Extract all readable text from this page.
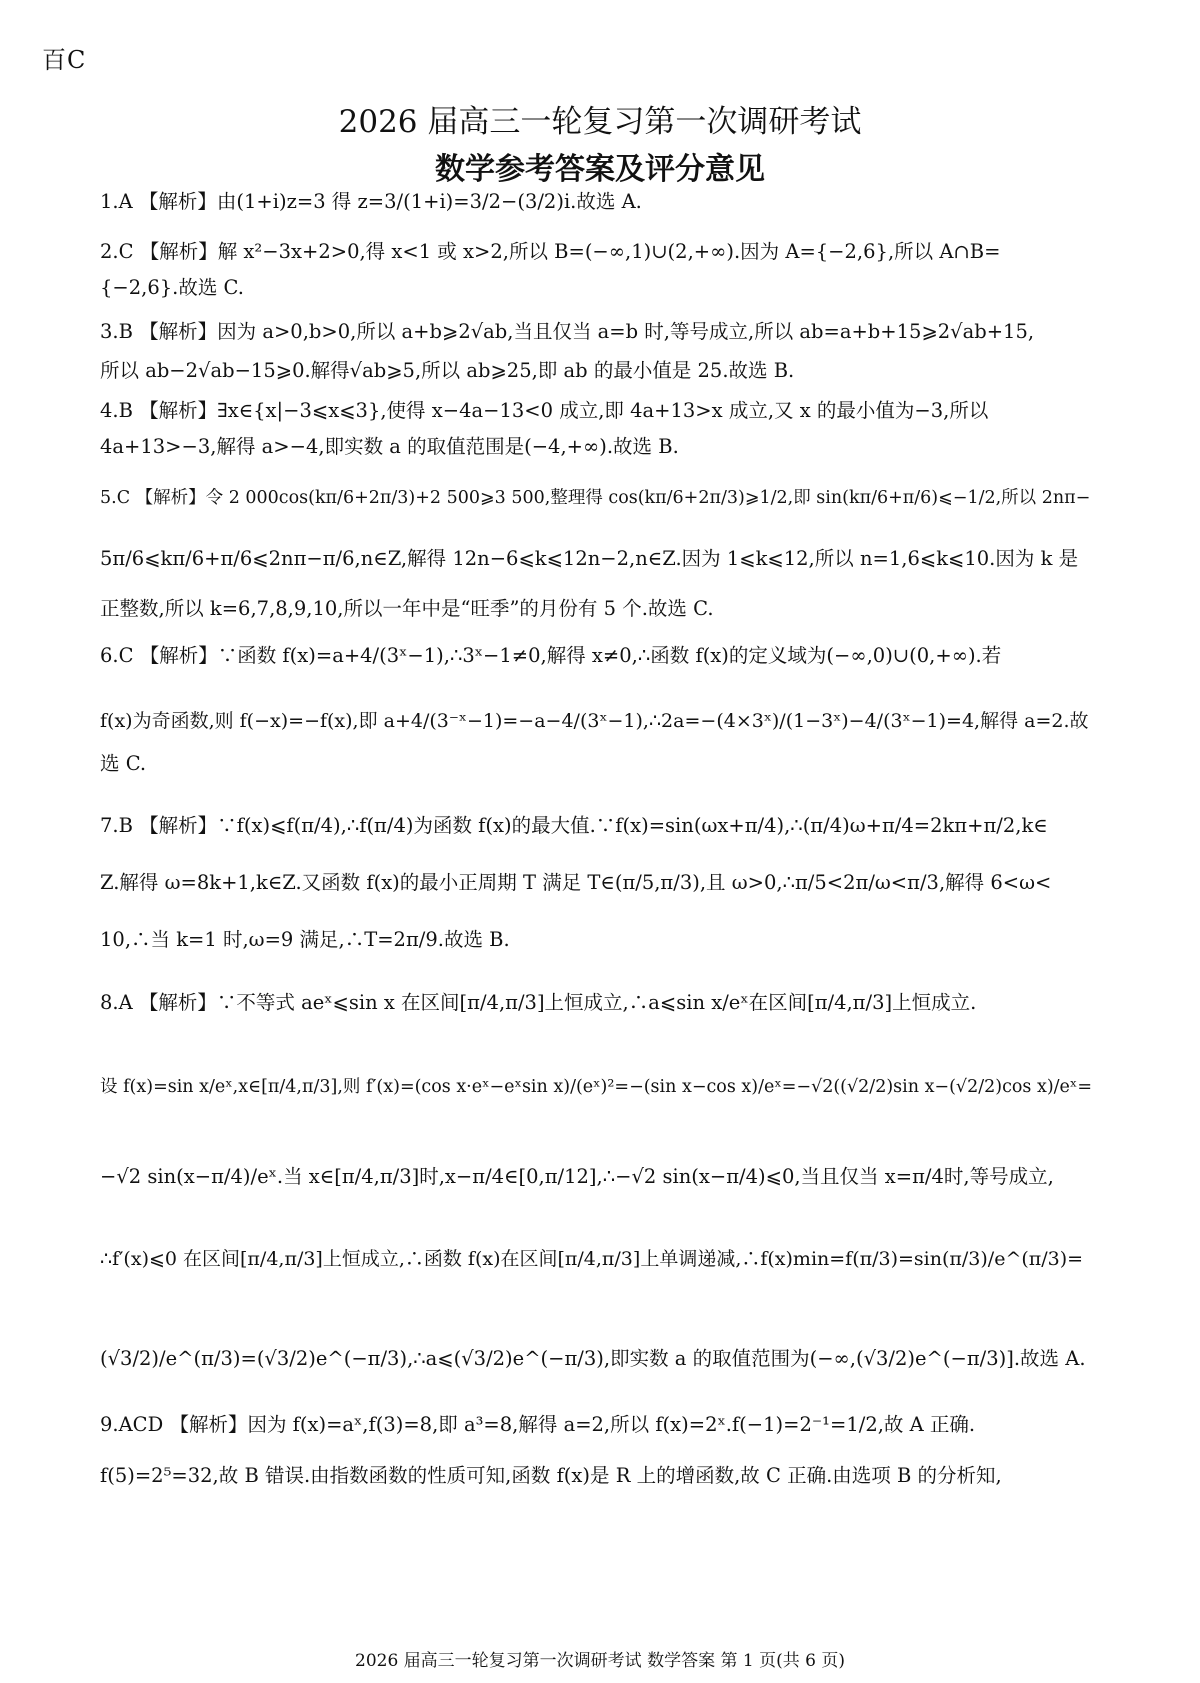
百C
2026 届高三一轮复习第一次调研考试
数学参考答案及评分意见
1.A 【解析】由(1+i)z=3 得 z=3/(1+i)=3/2−(3/2)i.故选 A.
2.C 【解析】解 x²−3x+2>0,得 x<1 或 x>2,所以 B=(−∞,1)∪(2,+∞).因为 A={−2,6},所以 A∩B=
{−2,6}.故选 C.
3.B 【解析】因为 a>0,b>0,所以 a+b⩾2√ab,当且仅当 a=b 时,等号成立,所以 ab=a+b+15⩾2√ab+15,
所以 ab−2√ab−15⩾0.解得√ab⩾5,所以 ab⩾25,即 ab 的最小值是 25.故选 B.
4.B 【解析】∃x∈{x|−3⩽x⩽3},使得 x−4a−13<0 成立,即 4a+13>x 成立,又 x 的最小值为−3,所以
4a+13>−3,解得 a>−4,即实数 a 的取值范围是(−4,+∞).故选 B.
5.C 【解析】令 2 000cos(kπ/6+2π/3)+2 500⩾3 500,整理得 cos(kπ/6+2π/3)⩾1/2,即 sin(kπ/6+π/6)⩽−1/2,所以 2nπ−
5π/6⩽kπ/6+π/6⩽2nπ−π/6,n∈Z,解得 12n−6⩽k⩽12n−2,n∈Z.因为 1⩽k⩽12,所以 n=1,6⩽k⩽10.因为 k 是
正整数,所以 k=6,7,8,9,10,所以一年中是“旺季”的月份有 5 个.故选 C.
6.C 【解析】∵函数 f(x)=a+4/(3ˣ−1),∴3ˣ−1≠0,解得 x≠0,∴函数 f(x)的定义域为(−∞,0)∪(0,+∞).若
f(x)为奇函数,则 f(−x)=−f(x),即 a+4/(3⁻ˣ−1)=−a−4/(3ˣ−1),∴2a=−(4×3ˣ)/(1−3ˣ)−4/(3ˣ−1)=4,解得 a=2.故
选 C.
7.B 【解析】∵f(x)⩽f(π/4),∴f(π/4)为函数 f(x)的最大值.∵f(x)=sin(ωx+π/4),∴(π/4)ω+π/4=2kπ+π/2,k∈
Z.解得 ω=8k+1,k∈Z.又函数 f(x)的最小正周期 T 满足 T∈(π/5,π/3),且 ω>0,∴π/5<2π/ω<π/3,解得 6<ω<
10,∴当 k=1 时,ω=9 满足,∴T=2π/9.故选 B.
8.A 【解析】∵不等式 aeˣ⩽sin x 在区间[π/4,π/3]上恒成立,∴a⩽sin x/eˣ在区间[π/4,π/3]上恒成立.
设 f(x)=sin x/eˣ,x∈[π/4,π/3],则 f′(x)=(cos x·eˣ−eˣsin x)/(eˣ)²=−(sin x−cos x)/eˣ=−√2((√2/2)sin x−(√2/2)cos x)/eˣ=
−√2 sin(x−π/4)/eˣ.当 x∈[π/4,π/3]时,x−π/4∈[0,π/12],∴−√2 sin(x−π/4)⩽0,当且仅当 x=π/4时,等号成立,
∴f′(x)⩽0 在区间[π/4,π/3]上恒成立,∴函数 f(x)在区间[π/4,π/3]上单调递减,∴f(x)min=f(π/3)=sin(π/3)/e^(π/3)=
(√3/2)/e^(π/3)=(√3/2)e^(−π/3),∴a⩽(√3/2)e^(−π/3),即实数 a 的取值范围为(−∞,(√3/2)e^(−π/3)].故选 A.
9.ACD 【解析】因为 f(x)=aˣ,f(3)=8,即 a³=8,解得 a=2,所以 f(x)=2ˣ.f(−1)=2⁻¹=1/2,故 A 正确.
f(5)=2⁵=32,故 B 错误.由指数函数的性质可知,函数 f(x)是 R 上的增函数,故 C 正确.由选项 B 的分析知,
2026 届高三一轮复习第一次调研考试 数学答案 第 1 页(共 6 页)
